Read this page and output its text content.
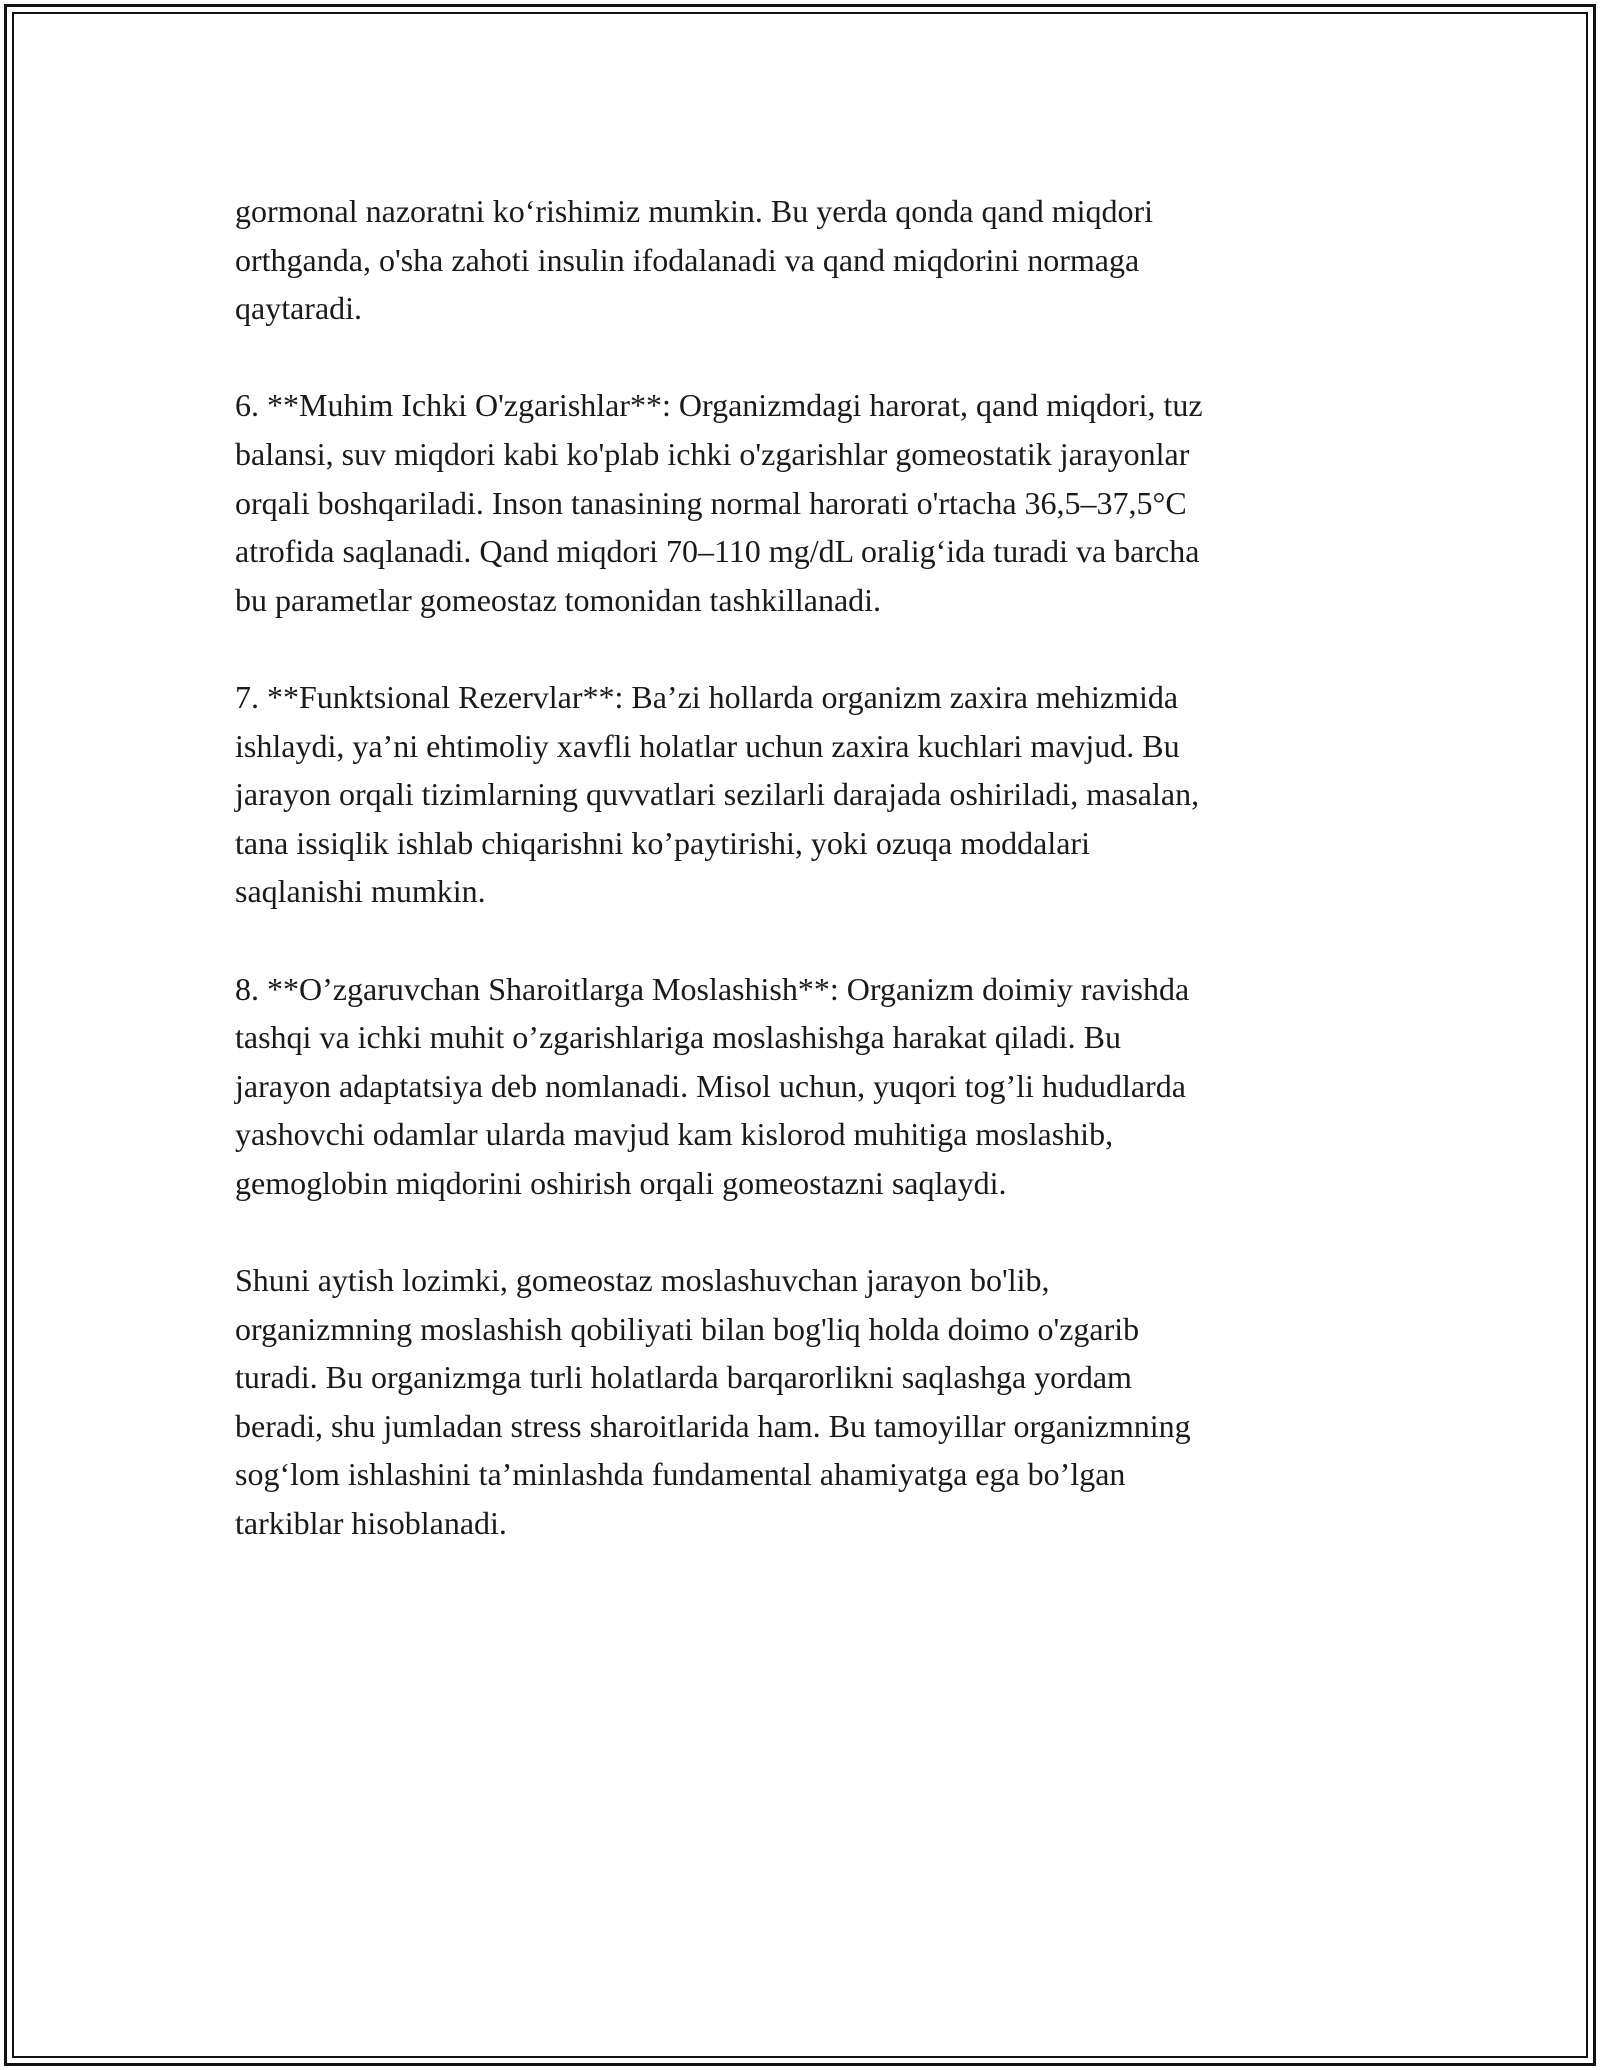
gormonal nazoratni ko‘rishimiz mumkin. Bu yerda qonda qand miqdori
orthganda, o'sha zahoti insulin ifodalanadi va qand miqdorini normaga
qaytaradi.

6. **Muhim Ichki O'zgarishlar**: Organizmdagi harorat, qand miqdori, tuz
balansi, suv miqdori kabi ko'plab ichki o'zgarishlar gomeostatik jarayonlar
orqali boshqariladi. Inson tanasining normal harorati o'rtacha 36,5–37,5°C
atrofida saqlanadi. Qand miqdori 70–110 mg/dL oralig‘ida turadi va barcha
bu parametlar gomeostaz tomonidan tashkillanadi.

7. **Funktsional Rezervlar**: Ba’zi hollarda organizm zaxira mehizmida
ishlaydi, ya’ni ehtimoliy xavfli holatlar uchun zaxira kuchlari mavjud. Bu
jarayon orqali tizimlarning quvvatlari sezilarli darajada oshiriladi, masalan,
tana issiqlik ishlab chiqarishni ko’paytirishi, yoki ozuqa moddalari
saqlanishi mumkin.

8. **O’zgaruvchan Sharoitlarga Moslashish**: Organizm doimiy ravishda
tashqi va ichki muhit o’zgarishlariga moslashishga harakat qiladi. Bu
jarayon adaptatsiya deb nomlanadi. Misol uchun, yuqori tog’li hududlarda
yashovchi odamlar ularda mavjud kam kislorod muhitiga moslashib,
gemoglobin miqdorini oshirish orqali gomeostazni saqlaydi.

Shuni aytish lozimki, gomeostaz moslashuvchan jarayon bo'lib,
organizmning moslashish qobiliyati bilan bog'liq holda doimo o'zgarib
turadi. Bu organizmga turli holatlarda barqarorlikni saqlashga yordam
beradi, shu jumladan stress sharoitlarida ham. Bu tamoyillar organizmning
sog‘lom ishlashini ta’minlashda fundamental ahamiyatga ega bo’lgan
tarkiblar hisoblanadi.
